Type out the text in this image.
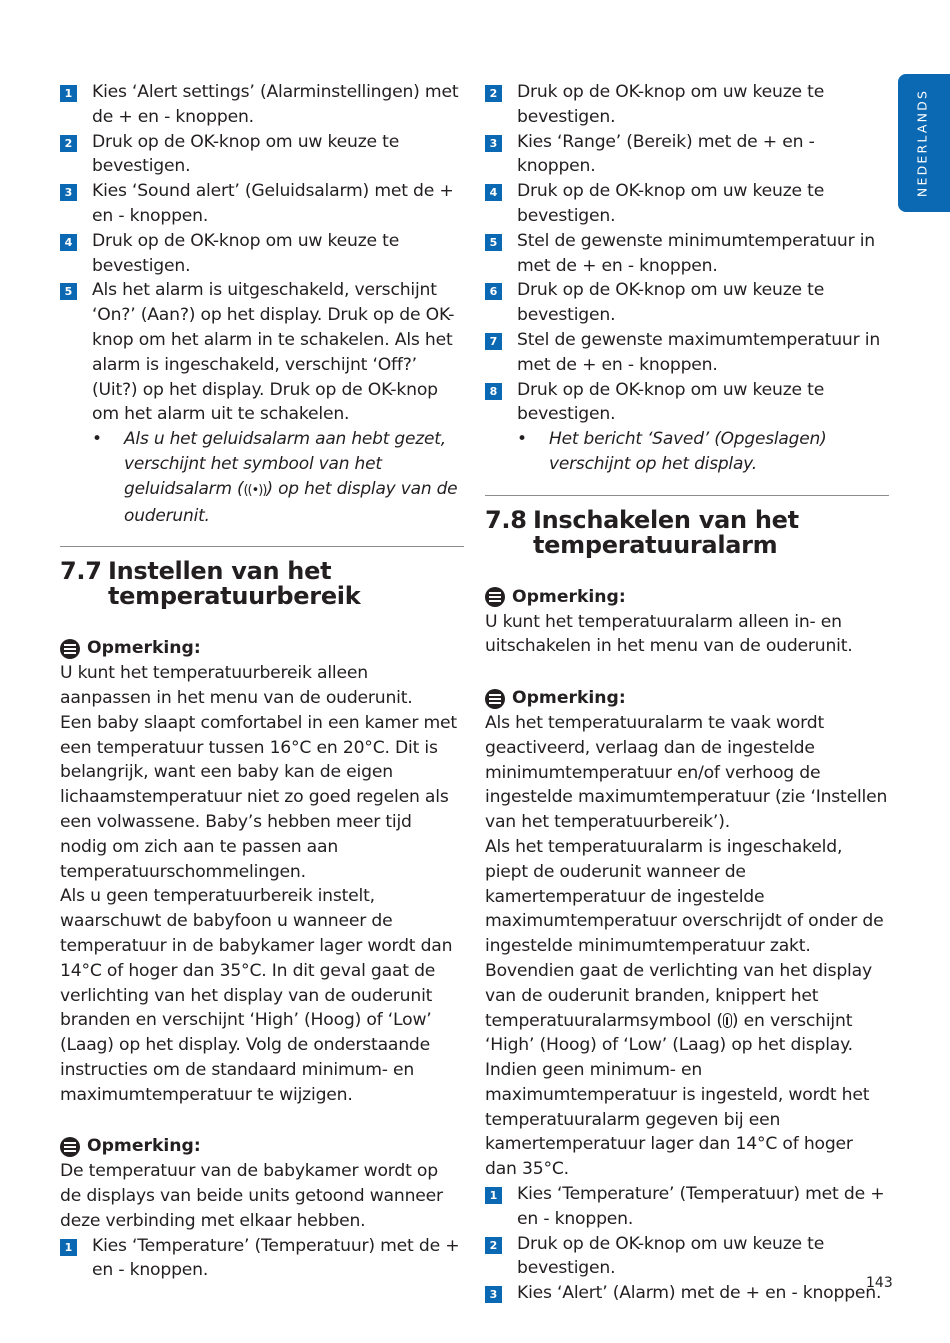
NEDERLANDS
1 Kies ‘Alert settings’ (Alarminstellingen) met de + en - knoppen.
2 Druk op de OK-knop om uw keuze te bevestigen.
3 Kies ‘Sound alert’ (Geluidsalarm) met de + en - knoppen.
4 Druk op de OK-knop om uw keuze te bevestigen.
5 Als het alarm is uitgeschakeld, verschijnt ‘On?’ (Aan?) op het display. Druk op de OK-knop om het alarm in te schakelen. Als het alarm is ingeschakeld, verschijnt ‘Off?’ (Uit?) op het display. Druk op de OK-knop om het alarm uit te schakelen.
• Als u het geluidsalarm aan hebt gezet, verschijnt het symbool van het geluidsalarm (((•))) op het display van de ouderunit.
7.7 Instellen van het temperatuurbereik
Opmerking:
U kunt het temperatuurbereik alleen aanpassen in het menu van de ouderunit.
Een baby slaapt comfortabel in een kamer met een temperatuur tussen 16°C en 20°C. Dit is belangrijk, want een baby kan de eigen lichaamstemperatuur niet zo goed regelen als een volwassene. Baby’s hebben meer tijd nodig om zich aan te passen aan temperatuurschommelingen.
Als u geen temperatuurbereik instelt, waarschuwt de babyfoon u wanneer de temperatuur in de babykamer lager wordt dan 14°C of hoger dan 35°C. In dit geval gaat de verlichting van het display van de ouderunit branden en verschijnt ‘High’ (Hoog) of ‘Low’ (Laag) op het display. Volg de onderstaande instructies om de standaard minimum- en maximumtemperatuur te wijzigen.
Opmerking:
De temperatuur van de babykamer wordt op de displays van beide units getoond wanneer deze verbinding met elkaar hebben.
1 Kies ‘Temperature’ (Temperatuur) met de + en - knoppen.
2 Druk op de OK-knop om uw keuze te bevestigen.
3 Kies ‘Range’ (Bereik) met de + en - knoppen.
4 Druk op de OK-knop om uw keuze te bevestigen.
5 Stel de gewenste minimumtemperatuur in met de + en - knoppen.
6 Druk op de OK-knop om uw keuze te bevestigen.
7 Stel de gewenste maximumtemperatuur in met de + en - knoppen.
8 Druk op de OK-knop om uw keuze te bevestigen.
• Het bericht ‘Saved’ (Opgeslagen) verschijnt op het display.
7.8 Inschakelen van het temperatuuralarm
Opmerking:
U kunt het temperatuuralarm alleen in- en uitschakelen in het menu van de ouderunit.
Opmerking:
Als het temperatuuralarm te vaak wordt geactiveerd, verlaag dan de ingestelde minimumtemperatuur en/of verhoog de ingestelde maximumtemperatuur (zie ‘Instellen van het temperatuurbereik’).
Als het temperatuuralarm is ingeschakeld, piept de ouderunit wanneer de kamertemperatuur de ingestelde maximumtemperatuur overschrijdt of onder de ingestelde minimumtemperatuur zakt. Bovendien gaat de verlichting van het display van de ouderunit branden, knippert het temperatuuralarmsymbool ( ) en verschijnt ‘High’ (Hoog) of ‘Low’ (Laag) op het display. Indien geen minimum- en maximumtemperatuur is ingesteld, wordt het temperatuuralarm gegeven bij een kamertemperatuur lager dan 14°C of hoger dan 35°C.
1 Kies ‘Temperature’ (Temperatuur) met de + en - knoppen.
2 Druk op de OK-knop om uw keuze te bevestigen.
3 Kies ‘Alert’ (Alarm) met de + en - knoppen.
143
